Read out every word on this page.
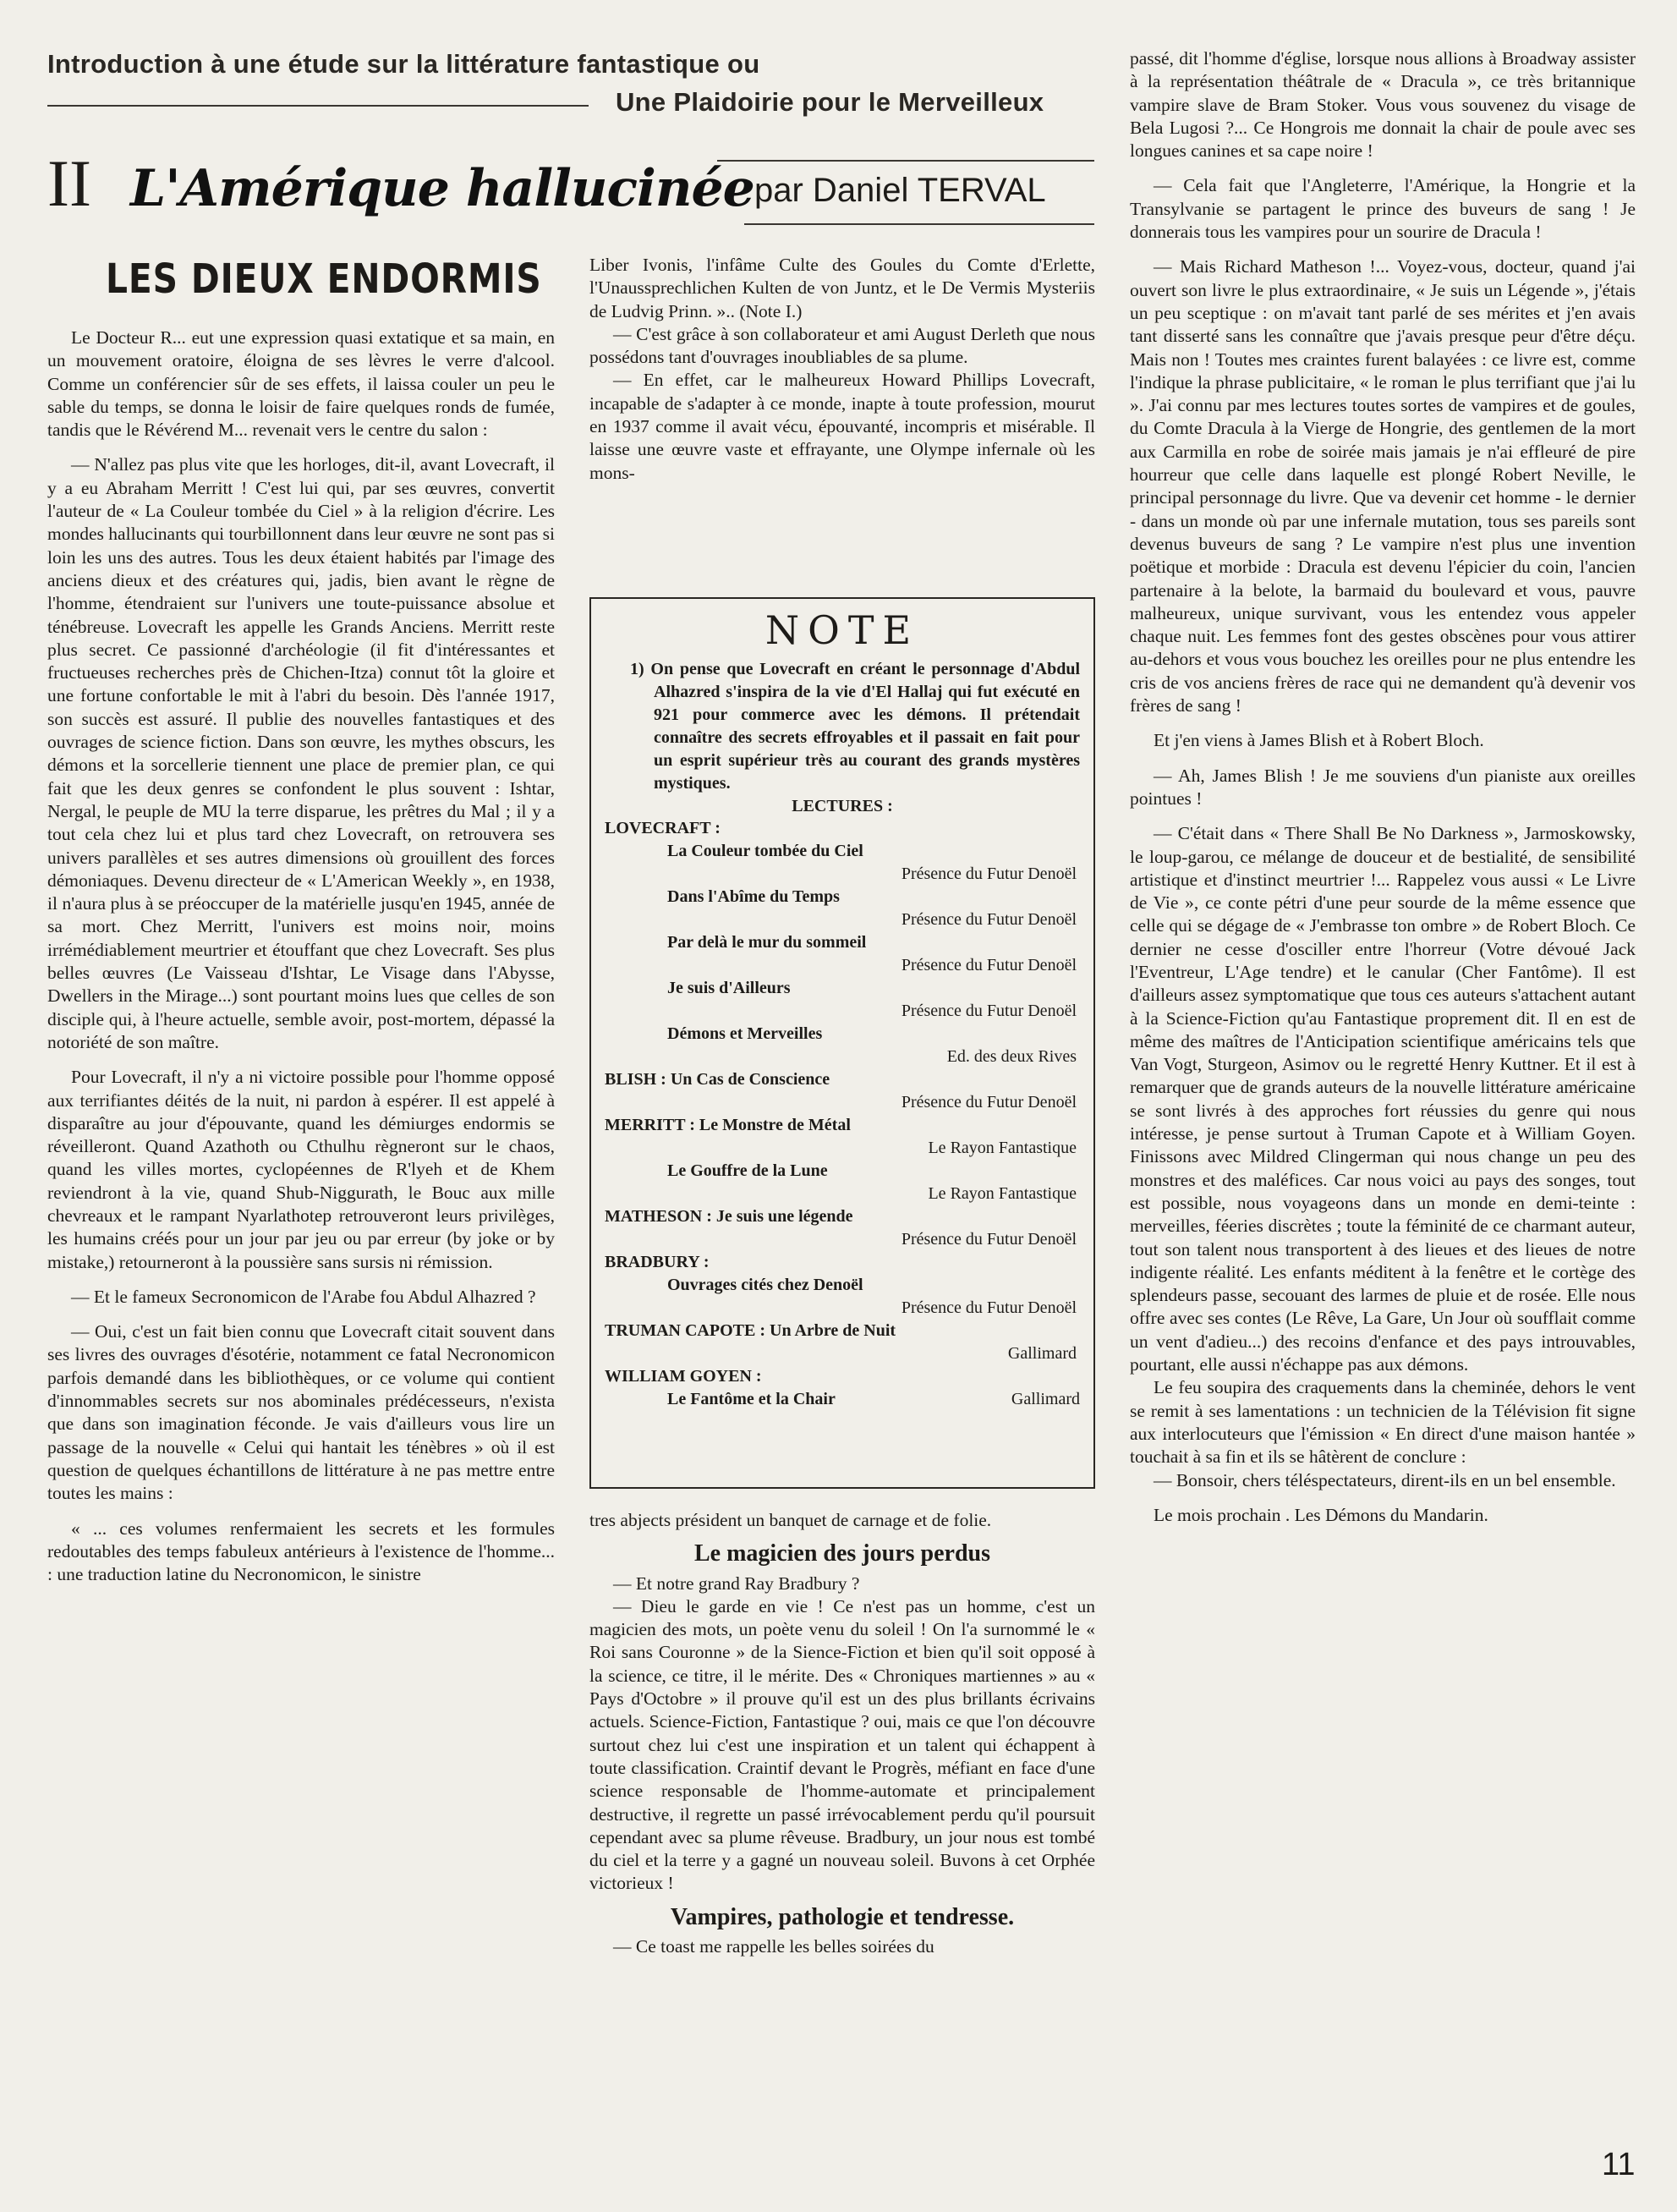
Introduction à une étude sur la littérature fantastique ou
Une Plaidoirie pour le Merveilleux
II L'Amérique hallucinée par Daniel TERVAL
LES DIEUX ENDORMIS

Le Docteur R... eut une expression quasi extatique et sa main, en un mouvement oratoire, éloigna de ses lèvres le verre d'alcool. Comme un conférencier sûr de ses effets, il laissa couler un peu le sable du temps, se donna le loisir de faire quelques ronds de fumée, tandis que le Révérend M... revenait vers le centre du salon :

— N'allez pas plus vite que les horloges, dit-il, avant Lovecraft, il y a eu Abraham Merritt ! C'est lui qui, par ses œuvres, convertit l'auteur de « La Couleur tombée du Ciel » à la religion d'écrire. Les mondes hallucinants qui tourbillonnent dans leur œuvre ne sont pas si loin les uns des autres. Tous les deux étaient habités par l'image des anciens dieux et des créatures qui, jadis, bien avant le règne de l'homme, étendraient sur l'univers une toute-puissance absolue et ténébreuse. Lovecraft les appelle les Grands Anciens. Merritt reste plus secret. Ce passionné d'archéologie (il fit d'intéressantes et fructueuses recherches près de Chichen-Itza) connut tôt la gloire et une fortune confortable le mit à l'abri du besoin. Dès l'année 1917, son succès est assuré. Il publie des nouvelles fantastiques et des ouvrages de science fiction. Dans son œuvre, les mythes obscurs, les démons et la sorcellerie tiennent une place de premier plan, ce qui fait que les deux genres se confondent le plus souvent : Ishtar, Nergal, le peuple de MU la terre disparue, les prêtres du Mal ; il y a tout cela chez lui et plus tard chez Lovecraft, on retrouvera ses univers parallèles et ses autres dimensions où grouillent des forces démoniaques. Devenu directeur de « L'American Weekly », en 1938, il n'aura plus à se préoccuper de la matérielle jusqu'en 1945, année de sa mort. Chez Merritt, l'univers est moins noir, moins irrémédiablement meurtrier et étouffant que chez Lovecraft. Ses plus belles œuvres (Le Vaisseau d'Ishtar, Le Visage dans l'Abysse, Dwellers in the Mirage...) sont pourtant moins lues que celles de son disciple qui, à l'heure actuelle, semble avoir, post-mortem, dépassé la notoriété de son maître.

Pour Lovecraft, il n'y a ni victoire possible pour l'homme opposé aux terrifiantes déités de la nuit, ni pardon à espérer. Il est appelé à disparaître au jour d'épouvante, quand les démiurges endormis se réveilleront. Quand Azathoth ou Cthulhu règneront sur le chaos, quand les villes mortes, cyclopéennes de R'lyeh et de Khem reviendront à la vie, quand Shub-Niggurath, le Bouc aux mille chevreaux et le rampant Nyarlathotep retrouveront leurs privilèges, les humains créés pour un jour par jeu ou par erreur (by joke or by mistake,) retourneront à la poussière sans sursis ni rémission.

— Et le fameux Secronomicon de l'Arabe fou Abdul Alhazred ?

— Oui, c'est un fait bien connu que Lovecraft citait souvent dans ses livres des ouvrages d'ésotérie, notamment ce fatal Necronomicon parfois demandé dans les bibliothèques, or ce volume qui contient d'innommables secrets sur nos abominales prédécesseurs, n'exista que dans son imagination féconde. Je vais d'ailleurs vous lire un passage de la nouvelle « Celui qui hantait les ténèbres » où il est question de quelques échantillons de littérature à ne pas mettre entre toutes les mains :

« ... ces volumes renfermaient les secrets et les formules redoutables des temps fabuleux antérieurs à l'existence de l'homme... : une traduction latine du Necronomicon, le sinistre

Liber Ivonis, l'infâme Culte des Goules du Comte d'Erlette, l'Unaussprechlichen Kulten de von Juntz, et le De Vermis Mysteriis de Ludvig Prinn. ».. (Note I.)

— C'est grâce à son collaborateur et ami August Derleth que nous possédons tant d'ouvrages inoubliables de sa plume.

— En effet, car le malheureux Howard Phillips Lovecraft, incapable de s'adapter à ce monde, inapte à toute profession, mourut en 1937 comme il avait vécu, épouvanté, incompris et misérable. Il laisse une œuvre vaste et effrayante, une Olympe infernale où les mons-

NOTE

1) On pense que Lovecraft en créant le personnage d'Abdul Alhazred s'inspira de la vie d'El Hallaj qui fut exécuté en 921 pour commerce avec les démons. Il prétendait connaître des secrets effroyables et il passait en fait pour un esprit supérieur très au courant des grands mystères mystiques.

LECTURES :
LOVECRAFT :
La Couleur tombée du Ciel
Présence du Futur Denoël
Dans l'Abîme du Temps
Présence du Futur Denoël
Par delà le mur du sommeil
Présence du Futur Denoël
Je suis d'Ailleurs
Présence du Futur Denoël
Démons et Merveilles
Ed. des deux Rives
BLISH : Un Cas de Conscience
Présence du Futur Denoël
MERRITT : Le Monstre de Métal
Le Rayon Fantastique
Le Gouffre de la Lune
Le Rayon Fantastique
MATHESON : Je suis une légende
Présence du Futur Denoël
BRADBURY :
Ouvrages cités chez Denoël
Présence du Futur Denoël
TRUMAN CAPOTE : Un Arbre de Nuit
Gallimard
WILLIAM GOYEN :
Le Fantôme et la Chair	Gallimard

tres abjects président un banquet de carnage et de folie.

Le magicien des jours perdus

— Et notre grand Ray Bradbury ?

— Dieu le garde en vie ! Ce n'est pas un homme, c'est un magicien des mots, un poète venu du soleil ! On l'a surnommé le « Roi sans Couronne » de la Sience-Fiction et bien qu'il soit opposé à la science, ce titre, il le mérite. Des « Chroniques martiennes » au « Pays d'Octobre » il prouve qu'il est un des plus brillants écrivains actuels. Science-Fiction, Fantastique ? oui, mais ce que l'on découvre surtout chez lui c'est une inspiration et un talent qui échappent à toute classification. Craintif devant le Progrès, méfiant en face d'une science responsable de l'homme-automate et principalement destructive, il regrette un passé irrévocablement perdu qu'il poursuit cependant avec sa plume rêveuse. Bradbury, un jour nous est tombé du ciel et la terre y a gagné un nouveau soleil. Buvons à cet Orphée victorieux !

Vampires, pathologie et tendresse.

— Ce toast me rappelle les belles soirées du

passé, dit l'homme d'église, lorsque nous allions à Broadway assister à la représentation théâtrale de « Dracula », ce très britannique vampire slave de Bram Stoker. Vous vous souvenez du visage de Bela Lugosi ?... Ce Hongrois me donnait la chair de poule avec ses longues canines et sa cape noire !

— Cela fait que l'Angleterre, l'Amérique, la Hongrie et la Transylvanie se partagent le prince des buveurs de sang ! Je donnerais tous les vampires pour un sourire de Dracula !

— Mais Richard Matheson !... Voyez-vous, docteur, quand j'ai ouvert son livre le plus extraordinaire, « Je suis un Légende », j'étais un peu sceptique : on m'avait tant parlé de ses mérites et j'en avais tant disserté sans les connaître que j'avais presque peur d'être déçu. Mais non ! Toutes mes craintes furent balayées : ce livre est, comme l'indique la phrase publicitaire, « le roman le plus terrifiant que j'ai lu ». J'ai connu par mes lectures toutes sortes de vampires et de goules, du Comte Dracula à la Vierge de Hongrie, des gentlemen de la mort aux Carmilla en robe de soirée mais jamais je n'ai effleuré de pire hourreur que celle dans laquelle est plongé Robert Neville, le principal personnage du livre. Que va devenir cet homme - le dernier - dans un monde où par une infernale mutation, tous ses pareils sont devenus buveurs de sang ? Le vampire n'est plus une invention poëtique et morbide : Dracula est devenu l'épicier du coin, l'ancien partenaire à la belote, la barmaid du boulevard et vous, pauvre malheureux, unique survivant, vous les entendez vous appeler chaque nuit. Les femmes font des gestes obscènes pour vous attirer au-dehors et vous vous bouchez les oreilles pour ne plus entendre les cris de vos anciens frères de race qui ne demandent qu'à devenir vos frères de sang !

Et j'en viens à James Blish et à Robert Bloch.

— Ah, James Blish ! Je me souviens d'un pianiste aux oreilles pointues !

— C'était dans « There Shall Be No Darkness », Jarmoskowsky, le loup-garou, ce mélange de douceur et de bestialité, de sensibilité artistique et d'instinct meurtrier !... Rappelez vous aussi « Le Livre de Vie », ce conte pétri d'une peur sourde de la même essence que celle qui se dégage de « J'embrasse ton ombre » de Robert Bloch. Ce dernier ne cesse d'osciller entre l'horreur (Votre dévoué Jack l'Eventreur, L'Age tendre) et le canular (Cher Fantôme). Il est d'ailleurs assez symptomatique que tous ces auteurs s'attachent autant à la Science-Fiction qu'au Fantastique proprement dit. Il en est de même des maîtres de l'Anticipation scientifique américains tels que Van Vogt, Sturgeon, Asimov ou le regretté Henry Kuttner. Et il est à remarquer que de grands auteurs de la nouvelle littérature américaine se sont livrés à des approches fort réussies du genre qui nous intéresse, je pense surtout à Truman Capote et à William Goyen. Finissons avec Mildred Clingerman qui nous change un peu des monstres et des maléfices. Car nous voici au pays des songes, tout est possible, nous voyageons dans un monde en demi-teinte : merveilles, féeries discrètes ; toute la féminité de ce charmant auteur, tout son talent nous transportent à des lieues et des lieues de notre indigente réalité. Les enfants méditent à la fenêtre et le cortège des splendeurs passe, secouant des larmes de pluie et de rosée. Elle nous offre avec ses contes (Le Rêve, La Gare, Un Jour où soufflait comme un vent d'adieu...) des recoins d'enfance et des pays introuvables, pourtant, elle aussi n'échappe pas aux démons.

Le feu soupira des craquements dans la cheminée, dehors le vent se remit à ses lamentations : un technicien de la Télévision fit signe aux interlocuteurs que l'émission « En direct d'une maison hantée » touchait à sa fin et ils se hâtèrent de conclure :

— Bonsoir, chers téléspectateurs, dirent-ils en un bel ensemble.

Le mois prochain . Les Démons du Mandarin.

11
